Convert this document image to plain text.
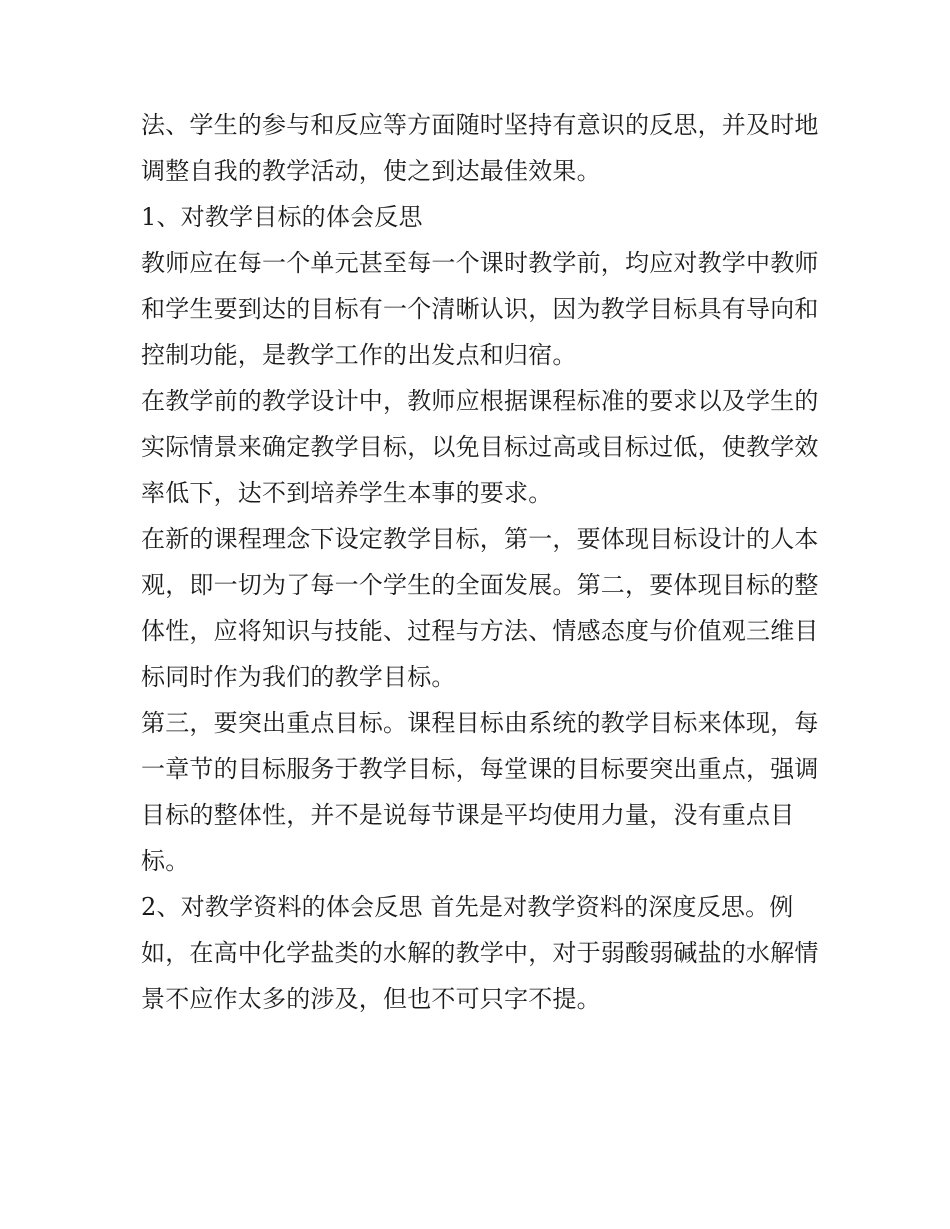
法、学生的参与和反应等方面随时坚持有意识的反思，并及时地调整自我的教学活动，使之到达最佳效果。

1、对教学目标的体会反思

教师应在每一个单元甚至每一个课时教学前，均应对教学中教师和学生要到达的目标有一个清晰认识，因为教学目标具有导向和控制功能，是教学工作的出发点和归宿。

在教学前的教学设计中，教师应根据课程标准的要求以及学生的实际情景来确定教学目标，以免目标过高或目标过低，使教学效率低下，达不到培养学生本事的要求。

在新的课程理念下设定教学目标，第一，要体现目标设计的人本观，即一切为了每一个学生的全面发展。第二，要体现目标的整体性，应将知识与技能、过程与方法、情感态度与价值观三维目标同时作为我们的教学目标。

第三，要突出重点目标。课程目标由系统的教学目标来体现，每一章节的目标服务于教学目标，每堂课的目标要突出重点，强调目标的整体性，并不是说每节课是平均使用力量，没有重点目标。

2、对教学资料的体会反思 首先是对教学资料的深度反思。例如，在高中化学盐类的水解的教学中，对于弱酸弱碱盐的水解情景不应作太多的涉及，但也不可只字不提。
